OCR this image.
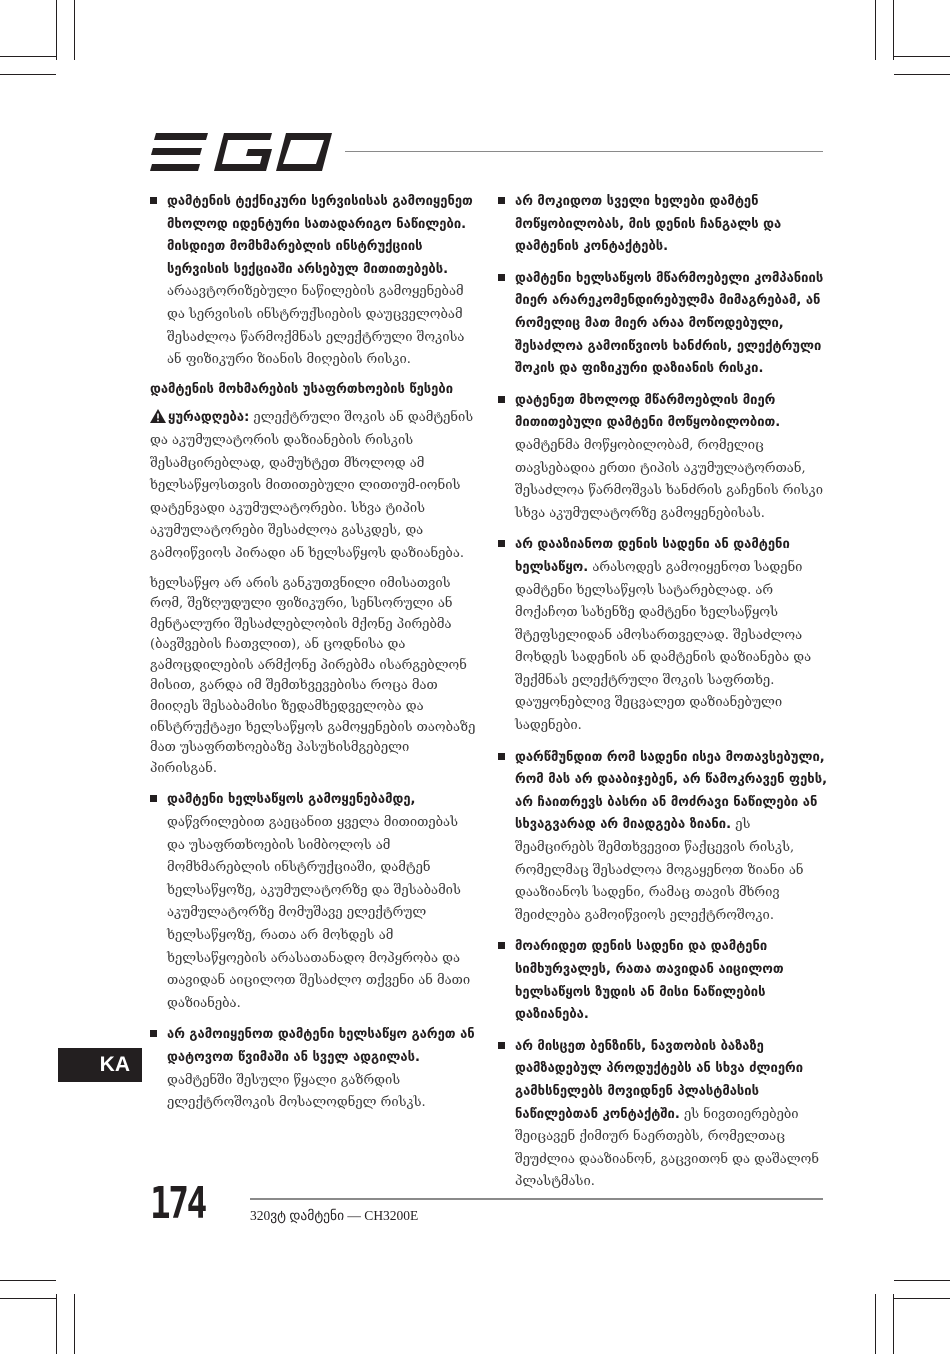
დამტენის ტექნიკური სერვისისას გამოიყენეთ მხოლოდ იდენტური სათადარიგო ნაწილები. მისდიეთ მომხმარებლის ინსტრუქციის სერვისის სექციაში არსებულ მითითებებს. არაავტორიზებული ნაწილების გამოყენებამ და სერვისის ინსტრუქსიების დაუცველობამ შესაძლოა წარმოქმნას ელექტრული შოკისა ან ფიზიკური ზიანის მიღების რისკი.
დამტენის მოხმარების უსაფრთხოების წესები
ყურადღება: ელექტრული შოკის ან დამტენის და აკუმულატორის დაზიანების რისკის შესამცირებლად, დამუხტეთ მხოლოდ ამ ხელსაწყოსთვის მითითებული ლითიუმ-იონის დატენვადი აკუმულატორები. სხვა ტიპის აკუმულატორები შესაძლოა გასკდეს, და გამოიწვიოს პირადი ან ხელსაწყოს დაზიანება.
ხელსაწყო არ არის განკუთვნილი იმისათვის რომ, შეზღუდული ფიზიკური, სენსორული ან მენტალური შესაძლებლობის მქონე პირებმა (ბავშვების ჩათვლით), ან ცოდნისა და გამოცდილების არმქონე პირებმა ისარგებლონ მისით, გარდა იმ შემთხვევებისა როცა მათ მიიღეს შესაბამისი ზედამხედველობა და ინსტრუქტაჟი ხელსაწყოს გამოყენების თაობაზე მათ უსაფრთხოებაზე პასუხისმგებელი პირისგან.
დამტენი ხელსაწყოს გამოყენებამდე, დაწვრილებით გაეცანით ყველა მითითებას და უსაფრთხოების სიმბოლოს ამ მომხმარებლის ინსტრუქციაში, დამტენ ხელსაწყოზე, აკუმულატორზე და შესაბამის აკუმულატორზე მომუშავე ელექტრულ ხელსაწყოზე, რათა არ მოხდეს ამ ხელსაწყოების არასათანადო მოპყრობა და თავიდან აიცილოთ შესაძლო თქვენი ან მათი დაზიანება.
არ გამოიყენოთ დამტენი ხელსაწყო გარეთ ან დატოვოთ წვიმაში ან სველ ადგილას. დამტენში შესული წყალი გაზრდის ელექტროშოკის მოსალოდნელ რისკს.
არ მოკიდოთ სველი ხელები დამტენ მოწყობილობას, მის დენის ჩანგალს და დამტენის კონტაქტებს.
დამტენი ხელსაწყოს მწარმოებელი კომპანიის მიერ არარეკომენდირებულმა მიმაგრებამ, ან რომელიც მათ მიერ არაა მოწოდებული, შესაძლოა გამოიწვიოს ხანძრის, ელექტრული შოკის და ფიზიკური დაზიანის რისკი.
დატენეთ მხოლოდ მწარმოებლის მიერ მითითებული დამტენი მოწყობილობით. დამტენმა მოწყობილობამ, რომელიც თავსებადია ერთი ტიპის აკუმულატორთან, შესაძლოა წარმოშვას ხანძრის გაჩენის რისკი სხვა აკუმულატორზე გამოყენებისას.
არ დააზიანოთ დენის სადენი ან დამტენი ხელსაწყო. არასოდეს გამოიყენოთ სადენი დამტენი ხელსაწყოს სატარებლად. არ მოქაჩოთ სახენზე დამტენი ხელსაწყოს შტეფსელიდან ამოსართველად. შესაძლოა მოხდეს სადენის ან დამტენის დაზიანება და შექმნას ელექტრული შოკის საფრთხე. დაუყონებლივ შეცვალეთ დაზიანებული სადენები.
დარწმუნდით რომ სადენი ისეა მოთავსებული, რომ მას არ დააბიჯებენ, არ წამოკრავენ ფეხს, არ ჩაითრევს ბასრი ან მოძრავი ნაწილები ან სხვაგვარად არ მიადგება ზიანი. ეს შეამცირებს შემთხვევით წაქცევის რისკს, რომელმაც შესაძლოა მოგაყენოთ ზიანი ან დააზიანოს სადენი, რამაც თავის მხრივ შეიძლება გამოიწვიოს ელექტროშოკი.
მოარიდეთ დენის სადენი და დამტენი სიმხურვალეს, რათა თავიდან აიცილოთ ხელსაწყოს ზუდის ან მისი ნაწილების დაზიანება.
არ მისცეთ ბენზინს, ნავთობის ბაზაზე დამზადებულ პროდუქტებს ან სხვა ძლიერი გამხსნელებს მოვიდნენ პლასტმასის ნაწილებთან კონტაქტში. ეს ნივთიერებები შეიცავენ ქიმიურ ნაერთებს, რომელთაც შეუძლია დააზიანონ, გაცვითონ და დაშალონ პლასტმასი.
KA
174	320ვტ დამტენი — CH3200E
